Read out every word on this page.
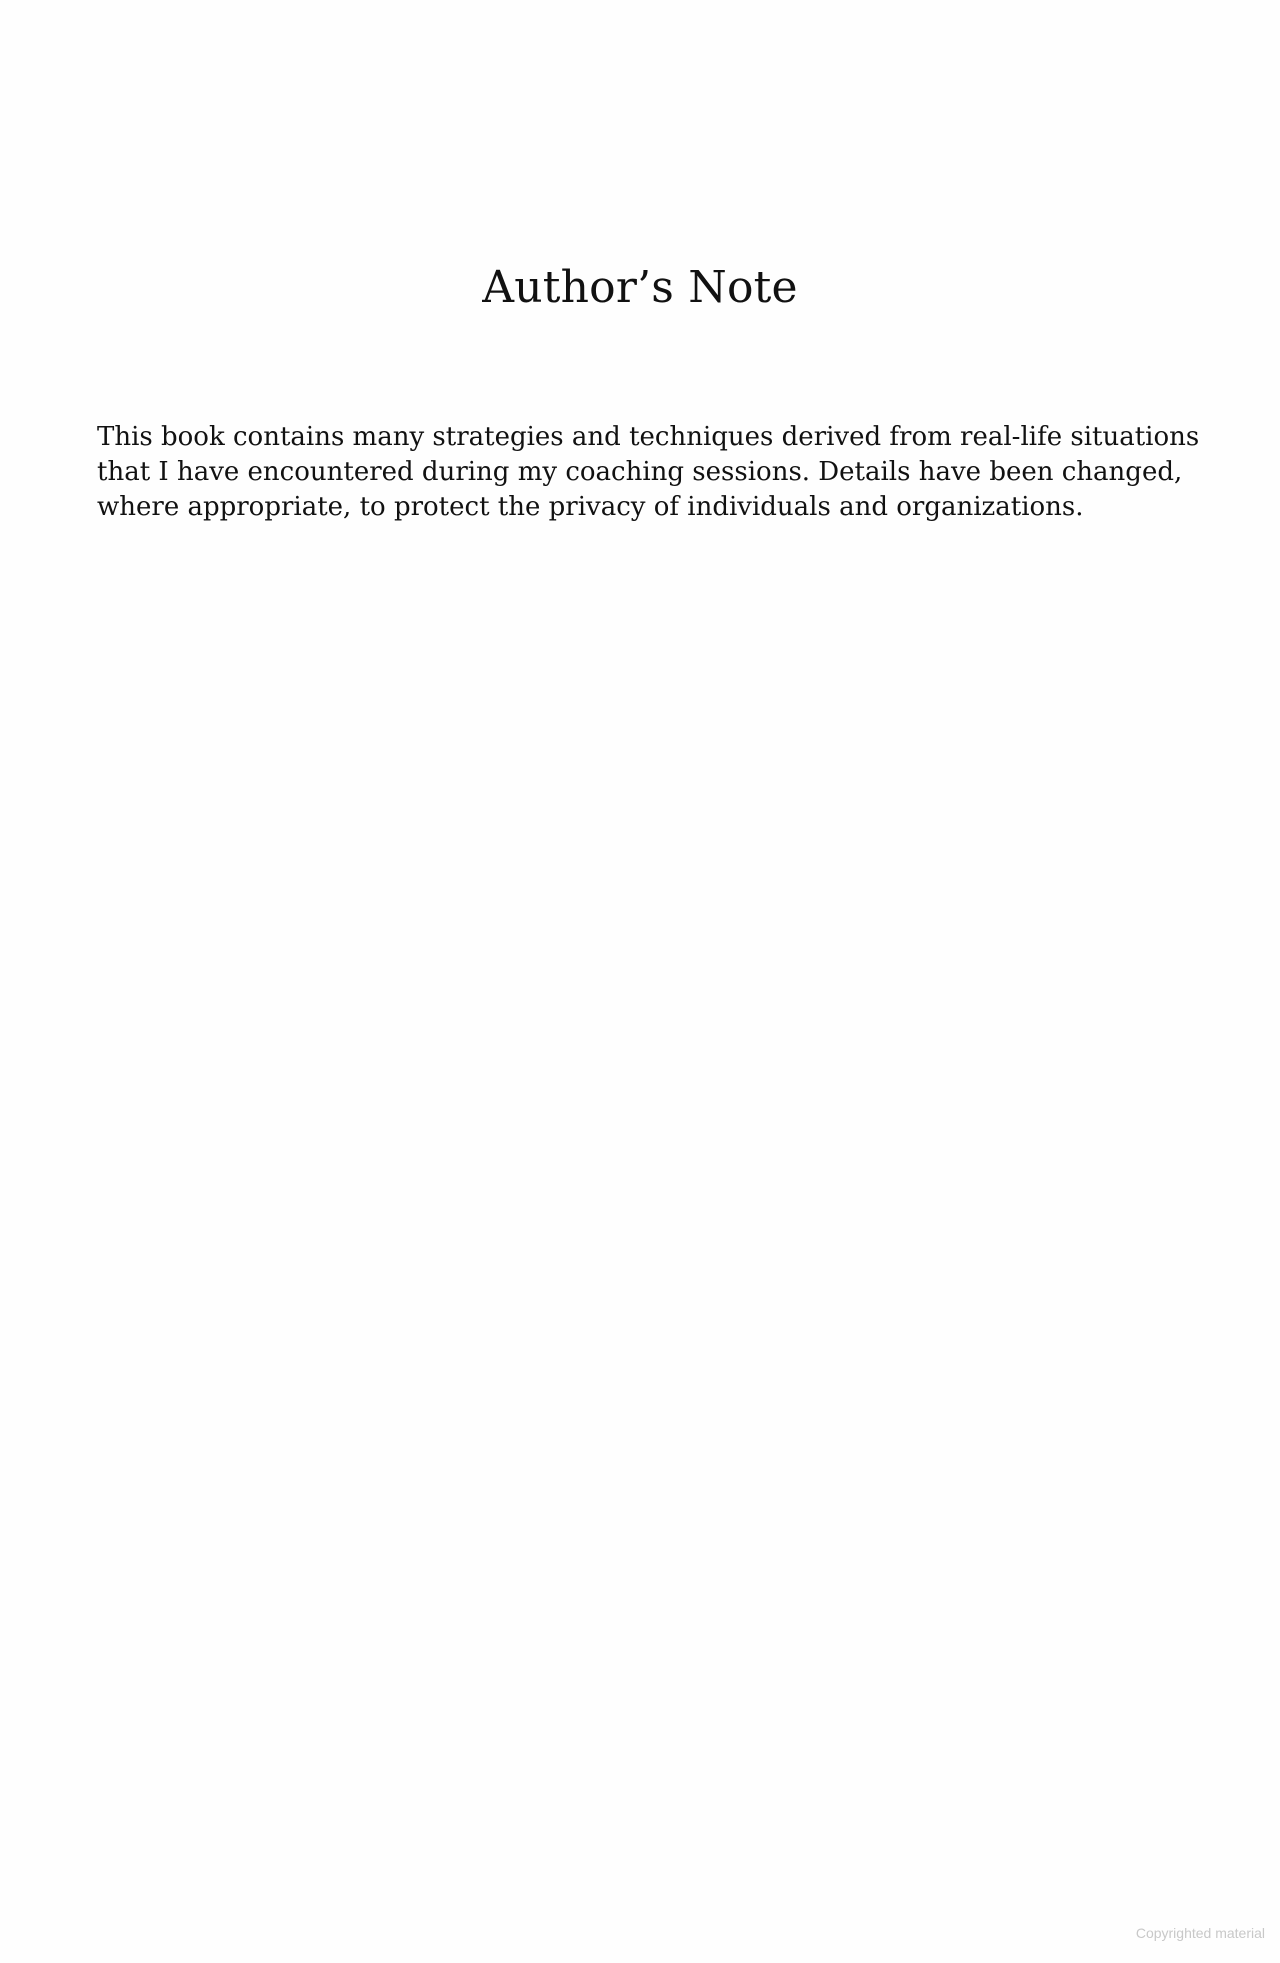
Author’s Note

This book contains many strategies and techniques derived from real-life situations
that I have encountered during my coaching sessions. Details have been changed,
where appropriate, to protect the privacy of individuals and organizations.

Copyrighted material
